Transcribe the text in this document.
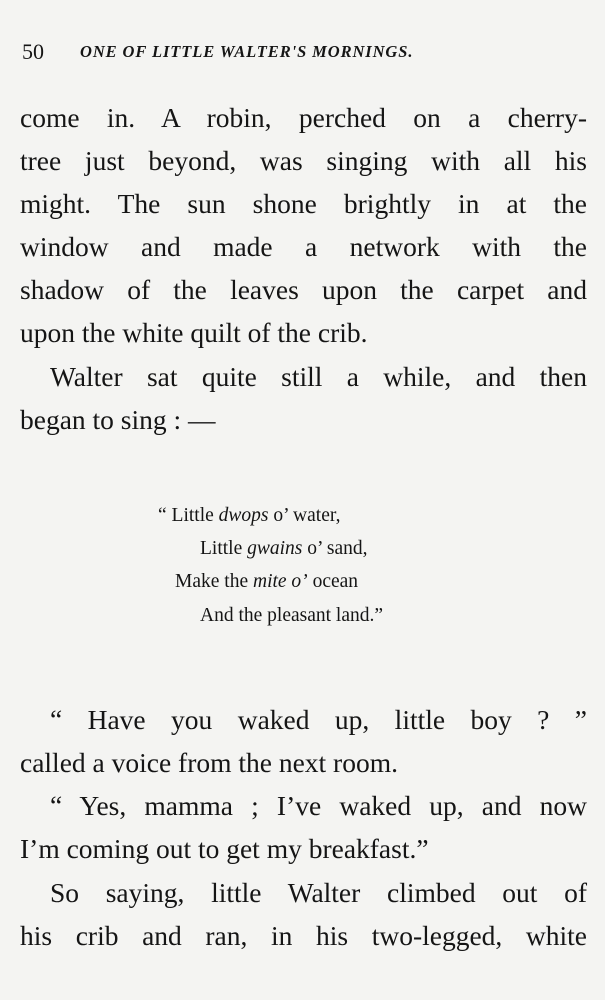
50 ONE OF LITTLE WALTER'S MORNINGS.
come in. A robin, perched on a cherry-
tree just beyond, was singing with all his
might. The sun shone brightly in at the
window and made a network with the
shadow of the leaves upon the carpet and
upon the white quilt of the crib.
Walter sat quite still a while, and then
began to sing : —
“ Little dwops o’ water,
Little gwains o’ sand,
Make the mite o’ ocean
And the pleasant land.”
“ Have you waked up, little boy ? ”
called a voice from the next room.
“ Yes, mamma ; I’ve waked up, and now
I’m coming out to get my breakfast.”
So saying, little Walter climbed out of
his crib and ran, in his two-legged, white
